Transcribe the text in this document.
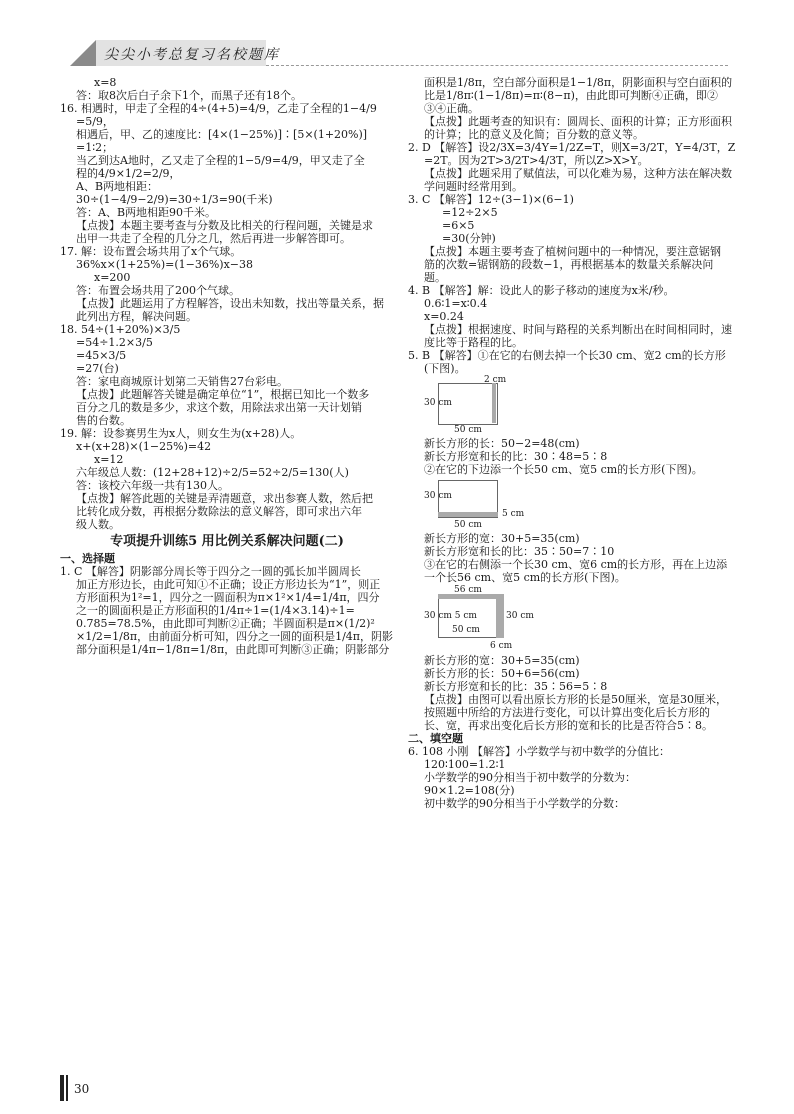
尖尖小考总复习名校题库
x=8
答：取8次后白子余下1个，而黑子还有18个。
16. 相遇时，甲走了全程的4÷(4+5)=4/9，乙走了全程的1−4/9
=5/9，
相遇后，甲、乙的速度比：[4×(1−25%)]∶[5×(1+20%)]
=1∶2；
当乙到达A地时，乙又走了全程的1−5/9=4/9，甲又走了全
程的4/9×1/2=2/9，
A、B两地相距：
30÷(1−4/9−2/9)=30÷1/3=90(千米)
答：A、B两地相距90千米。
【点拨】本题主要考查与分数及比相关的行程问题，关键是求
出甲一共走了全程的几分之几，然后再进一步解答即可。
17. 解：设布置会场共用了x个气球。
36%x×(1+25%)=(1−36%)x−38
x=200
答：布置会场共用了200个气球。
【点拨】此题运用了方程解答，设出未知数，找出等量关系，据
此列出方程，解决问题。
18. 54÷(1+20%)×3/5
=54÷1.2×3/5
=45×3/5
=27(台)
答：家电商城原计划第二天销售27台彩电。
【点拨】此题解答关键是确定单位“1”，根据已知比一个数多
百分之几的数是多少，求这个数，用除法求出第一天计划销
售的台数。
19. 解：设参赛男生为x人，则女生为(x+28)人。
x+(x+28)×(1−25%)=42
x=12
六年级总人数：(12+28+12)÷2/5=52÷2/5=130(人)
答：该校六年级一共有130人。
【点拨】解答此题的关键是弄清题意，求出参赛人数，然后把
比转化成分数，再根据分数除法的意义解答，即可求出六年
级人数。
专项提升训练5 用比例关系解决问题(二)
一、选择题
1. C 【解答】阴影部分周长等于四分之一圆的弧长加半圆周长
加正方形边长，由此可知①不正确；设正方形边长为“1”，则正
方形面积为1²=1，四分之一圆面积为π×1²×1/4=1/4π，四分
之一的圆面积是正方形面积的1/4π÷1=(1/4×3.14)÷1=
0.785=78.5%，由此即可判断②正确；半圆面积是π×(1/2)²
×1/2=1/8π，由前面分析可知，四分之一圆的面积是1/4π，阴影
部分面积是1/4π−1/8π=1/8π，由此即可判断③正确；阴影部分
面积是1/8π，空白部分面积是1−1/8π，阴影面积与空白面积的
比是1/8π∶(1−1/8π)=π∶(8−π)，由此即可判断④正确，即②
③④正确。
【点拨】此题考查的知识有：圆周长、面积的计算；正方形面积
的计算；比的意义及化简；百分数的意义等。
2. D 【解答】设2/3X=3/4Y=1/2Z=T，则X=3/2T，Y=4/3T，Z
=2T。因为2T>3/2T>4/3T，所以Z>X>Y。
【点拨】此题采用了赋值法，可以化难为易，这种方法在解决数
学问题时经常用到。
3. C 【解答】12÷(3−1)×(6−1)
=12÷2×5
=6×5
=30(分钟)
【点拨】本题主要考查了植树问题中的一种情况，要注意锯钢
筋的次数=锯钢筋的段数−1，再根据基本的数量关系解决问
题。
4. B 【解答】解：设此人的影子移动的速度为x米/秒。
0.6∶1=x∶0.4
x=0.24
【点拨】根据速度、时间与路程的关系判断出在时间相同时，速
度比等于路程的比。
5. B 【解答】①在它的右侧去掉一个长30 cm、宽2 cm的长方形
(下图)。
2 cm
30 cm
50 cm
新长方形的长：50−2=48(cm)
新长方形宽和长的比：30∶48=5∶8
②在它的下边添一个长50 cm、宽5 cm的长方形(下图)。
30 cm
5 cm
50 cm
新长方形的宽：30+5=35(cm)
新长方形宽和长的比：35∶50=7∶10
③在它的右侧添一个长30 cm、宽6 cm的长方形，再在上边添
一个长56 cm、宽5 cm的长方形(下图)。
56 cm
30 cm 5 cm
50 cm
30 cm
6 cm
新长方形的宽：30+5=35(cm)
新长方形的长：50+6=56(cm)
新长方形宽和长的比：35∶56=5∶8
【点拨】由图可以看出原长方形的长是50厘米，宽是30厘米，
按照题中所给的方法进行变化，可以计算出变化后长方形的
长、宽，再求出变化后长方形的宽和长的比是否符合5∶8。
二、填空题
6. 108 小刚 【解答】小学数学与初中数学的分值比：
120∶100=1.2∶1
小学数学的90分相当于初中数学的分数为：
90×1.2=108(分)
初中数学的90分相当于小学数学的分数：
30
